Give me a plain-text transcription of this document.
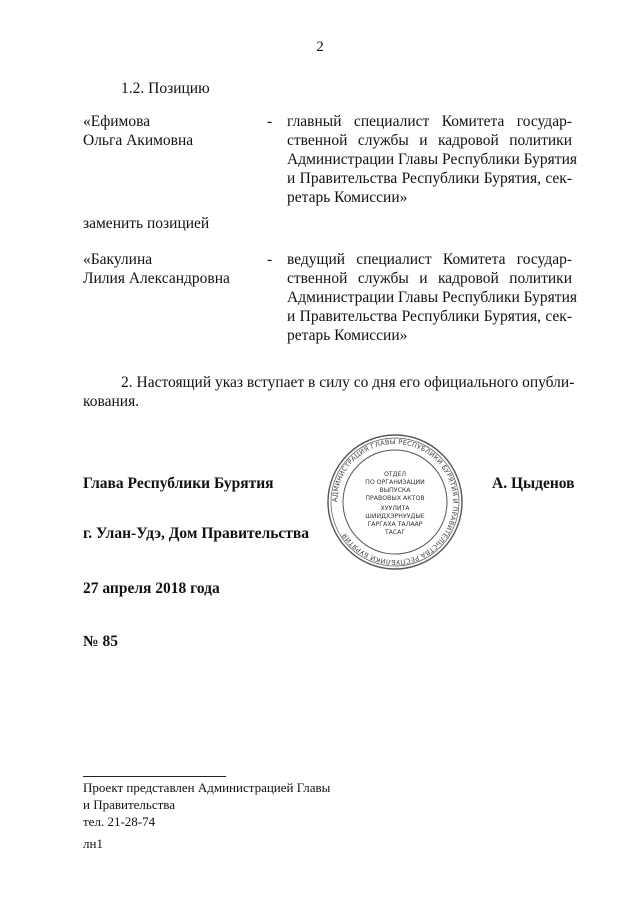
2
1.2. Позицию
«Ефимова
Ольга Акимовна
- главный специалист Комитета государ-
ственной службы и кадровой политики
Администрации Главы Республики Бурятия
и Правительства Республики Бурятия, сек-
ретарь Комиссии»
заменить позицией
«Бакулина
Лилия Александровна
- ведущий специалист Комитета государ-
ственной службы и кадровой политики
Администрации Главы Республики Бурятия
и Правительства Республики Бурятия, сек-
ретарь Комиссии»
2. Настоящий указ вступает в силу со дня его официального опубли-
кования.
Глава Республики Бурятия	А. Цыденов
АДМИНИСТРАЦИЯ ГЛАВЫ РЕСПУБЛИКИ БУРЯТИЯ И ПРАВИТЕЛЬСТВА РЕСПУБЛИКИ БУРЯТИЯ
ОТДЕЛ
ПО ОРГАНИЗАЦИИ
ВЫПУСКА
ПРАВОВЫХ АКТОВ
ХУУЛИТА
ШИИДХЭРНУУДЫЕ
ГАРГАХА ТАЛААР
ТАСАГ
г. Улан-Удэ, Дом Правительства
27 апреля 2018 года
№ 85
Проект представлен Администрацией Главы
и Правительства
тел. 21-28-74
лн1
